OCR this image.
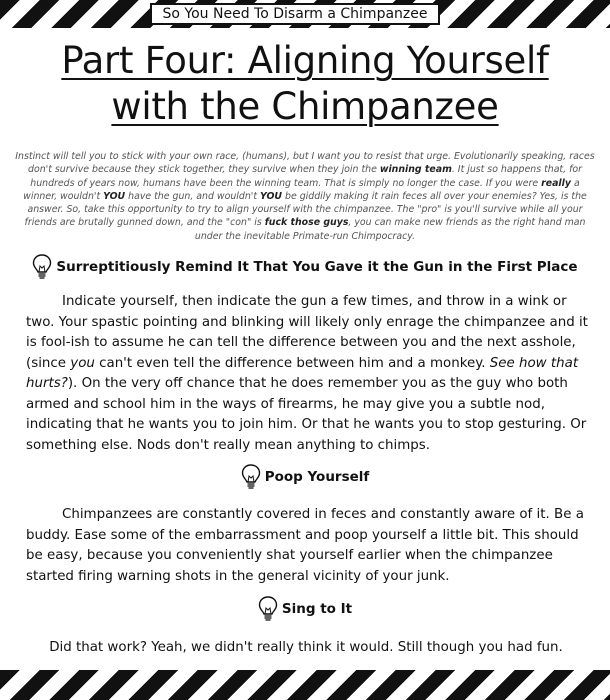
So You Need To Disarm a Chimpanzee
Part Four: Aligning Yourself with the Chimpanzee

Instinct will tell you to stick with your own race, (humans), but I want you to resist that urge. Evolutionarily speaking, races don't survive because they stick together, they survive when they join the winning team. It just so happens that, for hundreds of years now, humans have been the winning team. That is simply no longer the case. If you were really a winner, wouldn't YOU have the gun, and wouldn't YOU be giddily making it rain feces all over your enemies? Yes, is the answer. So, take this opportunity to try to align yourself with the chimpanzee. The "pro" is you'll survive while all your friends are brutally gunned down, and the "con" is fuck those guys, you can make new friends as the right hand man under the inevitable Primate-run Chimpocracy.

Surreptitiously Remind It That You Gave it the Gun in the First Place

Indicate yourself, then indicate the gun a few times, and throw in a wink or two. Your spastic pointing and blinking will likely only enrage the chimpanzee and it is fool-ish to assume he can tell the difference between you and the next asshole, (since you can't even tell the difference between him and a monkey. See how that hurts?). On the very off chance that he does remember you as the guy who both armed and school him in the ways of firearms, he may give you a subtle nod, indicating that he wants you to join him. Or that he wants you to stop gesturing. Or something else. Nods don't really mean anything to chimps.

Poop Yourself

Chimpanzees are constantly covered in feces and constantly aware of it. Be a buddy. Ease some of the embarrassment and poop yourself a little bit. This should be easy, because you conveniently shat yourself earlier when the chimpanzee started firing warning shots in the general vicinity of your junk.

Sing to It

Did that work? Yeah, we didn't really think it would. Still though you had fun.
